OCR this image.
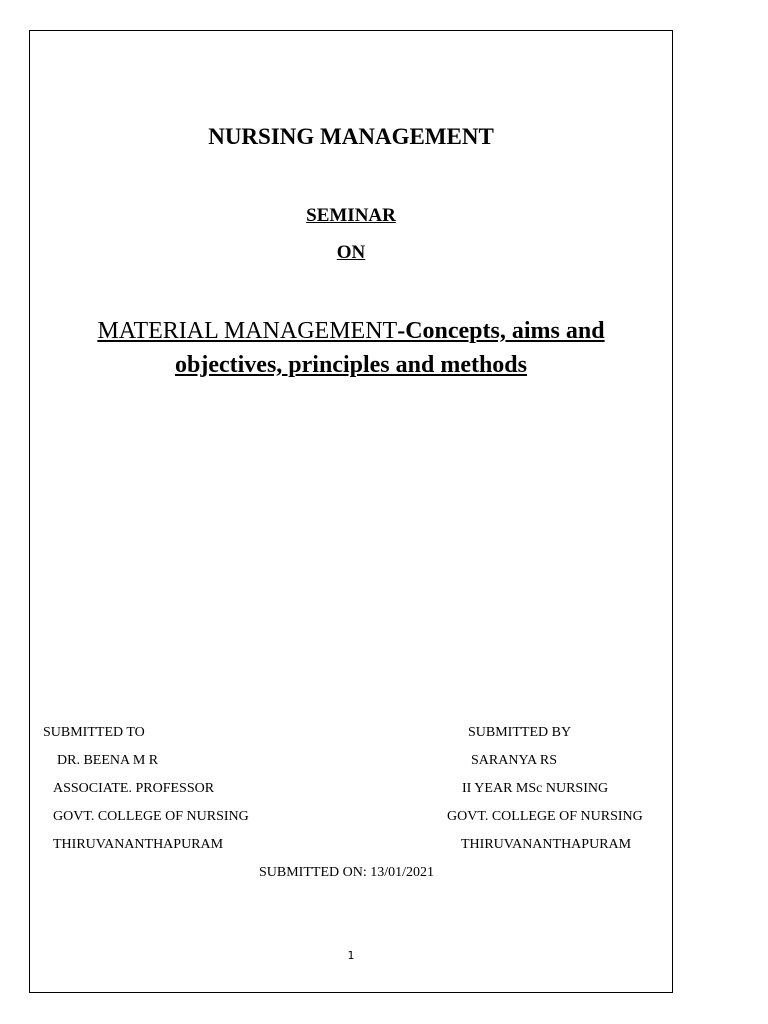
NURSING MANAGEMENT
SEMINAR
ON
MATERIAL MANAGEMENT-Concepts, aims and
objectives, principles and methods
SUBMITTED TO
DR. BEENA M R
ASSOCIATE. PROFESSOR
GOVT. COLLEGE OF NURSING
THIRUVANANTHAPURAM
SUBMITTED BY
SARANYA RS
II YEAR MSc NURSING
GOVT. COLLEGE OF NURSING
THIRUVANANTHAPURAM
SUBMITTED ON: 13/01/2021
1
